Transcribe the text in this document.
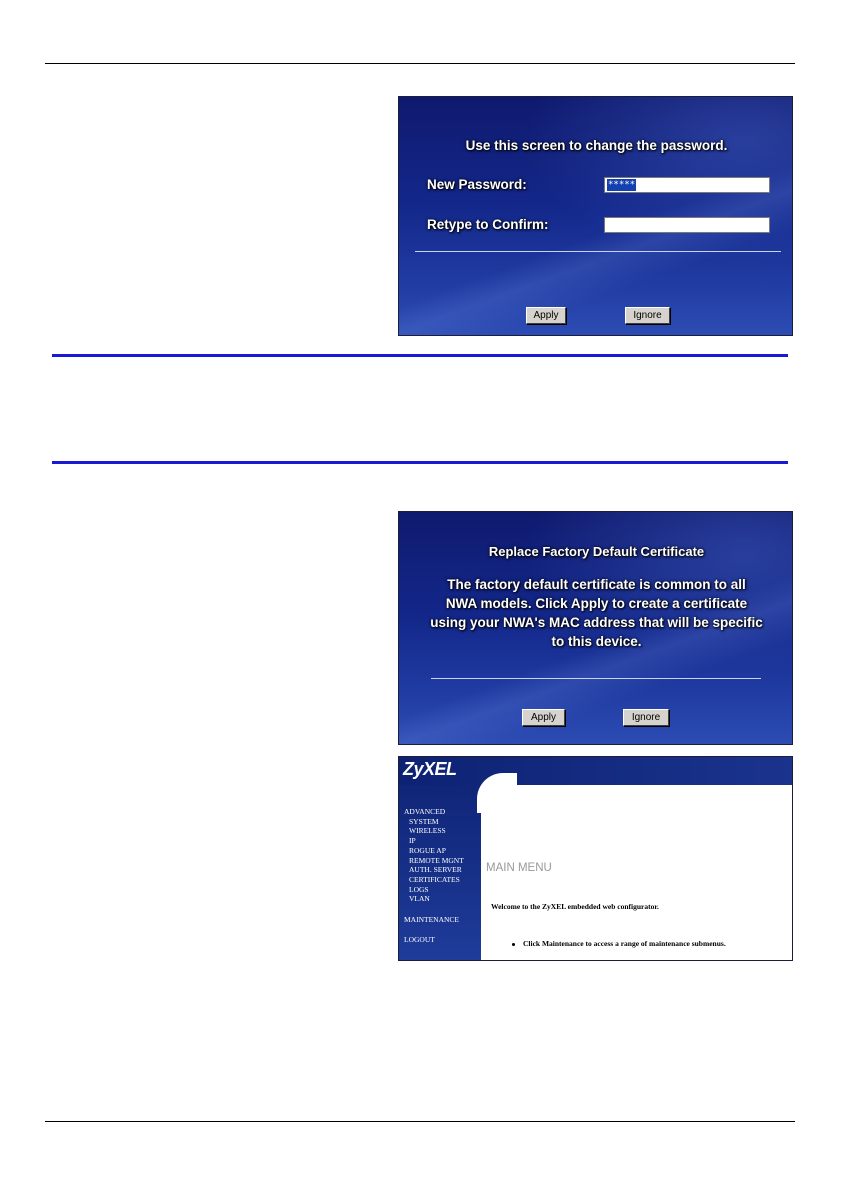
Use this screen to change the password.
New Password:	*****
Retype to Confirm:
Apply	Ignore
Replace Factory Default Certificate
The factory default certificate is common to all
NWA models. Click Apply to create a certificate
using your NWA's MAC address that will be specific
to this device.
Apply	Ignore
ZyXEL
ADVANCED
SYSTEM
WIRELESS
IP
ROGUE AP
REMOTE MGNT
AUTH. SERVER
CERTIFICATES
LOGS
VLAN
MAINTENANCE
LOGOUT
MAIN MENU
Welcome to the ZyXEL embedded web configurator.
Click Maintenance to access a range of maintenance submenus.
